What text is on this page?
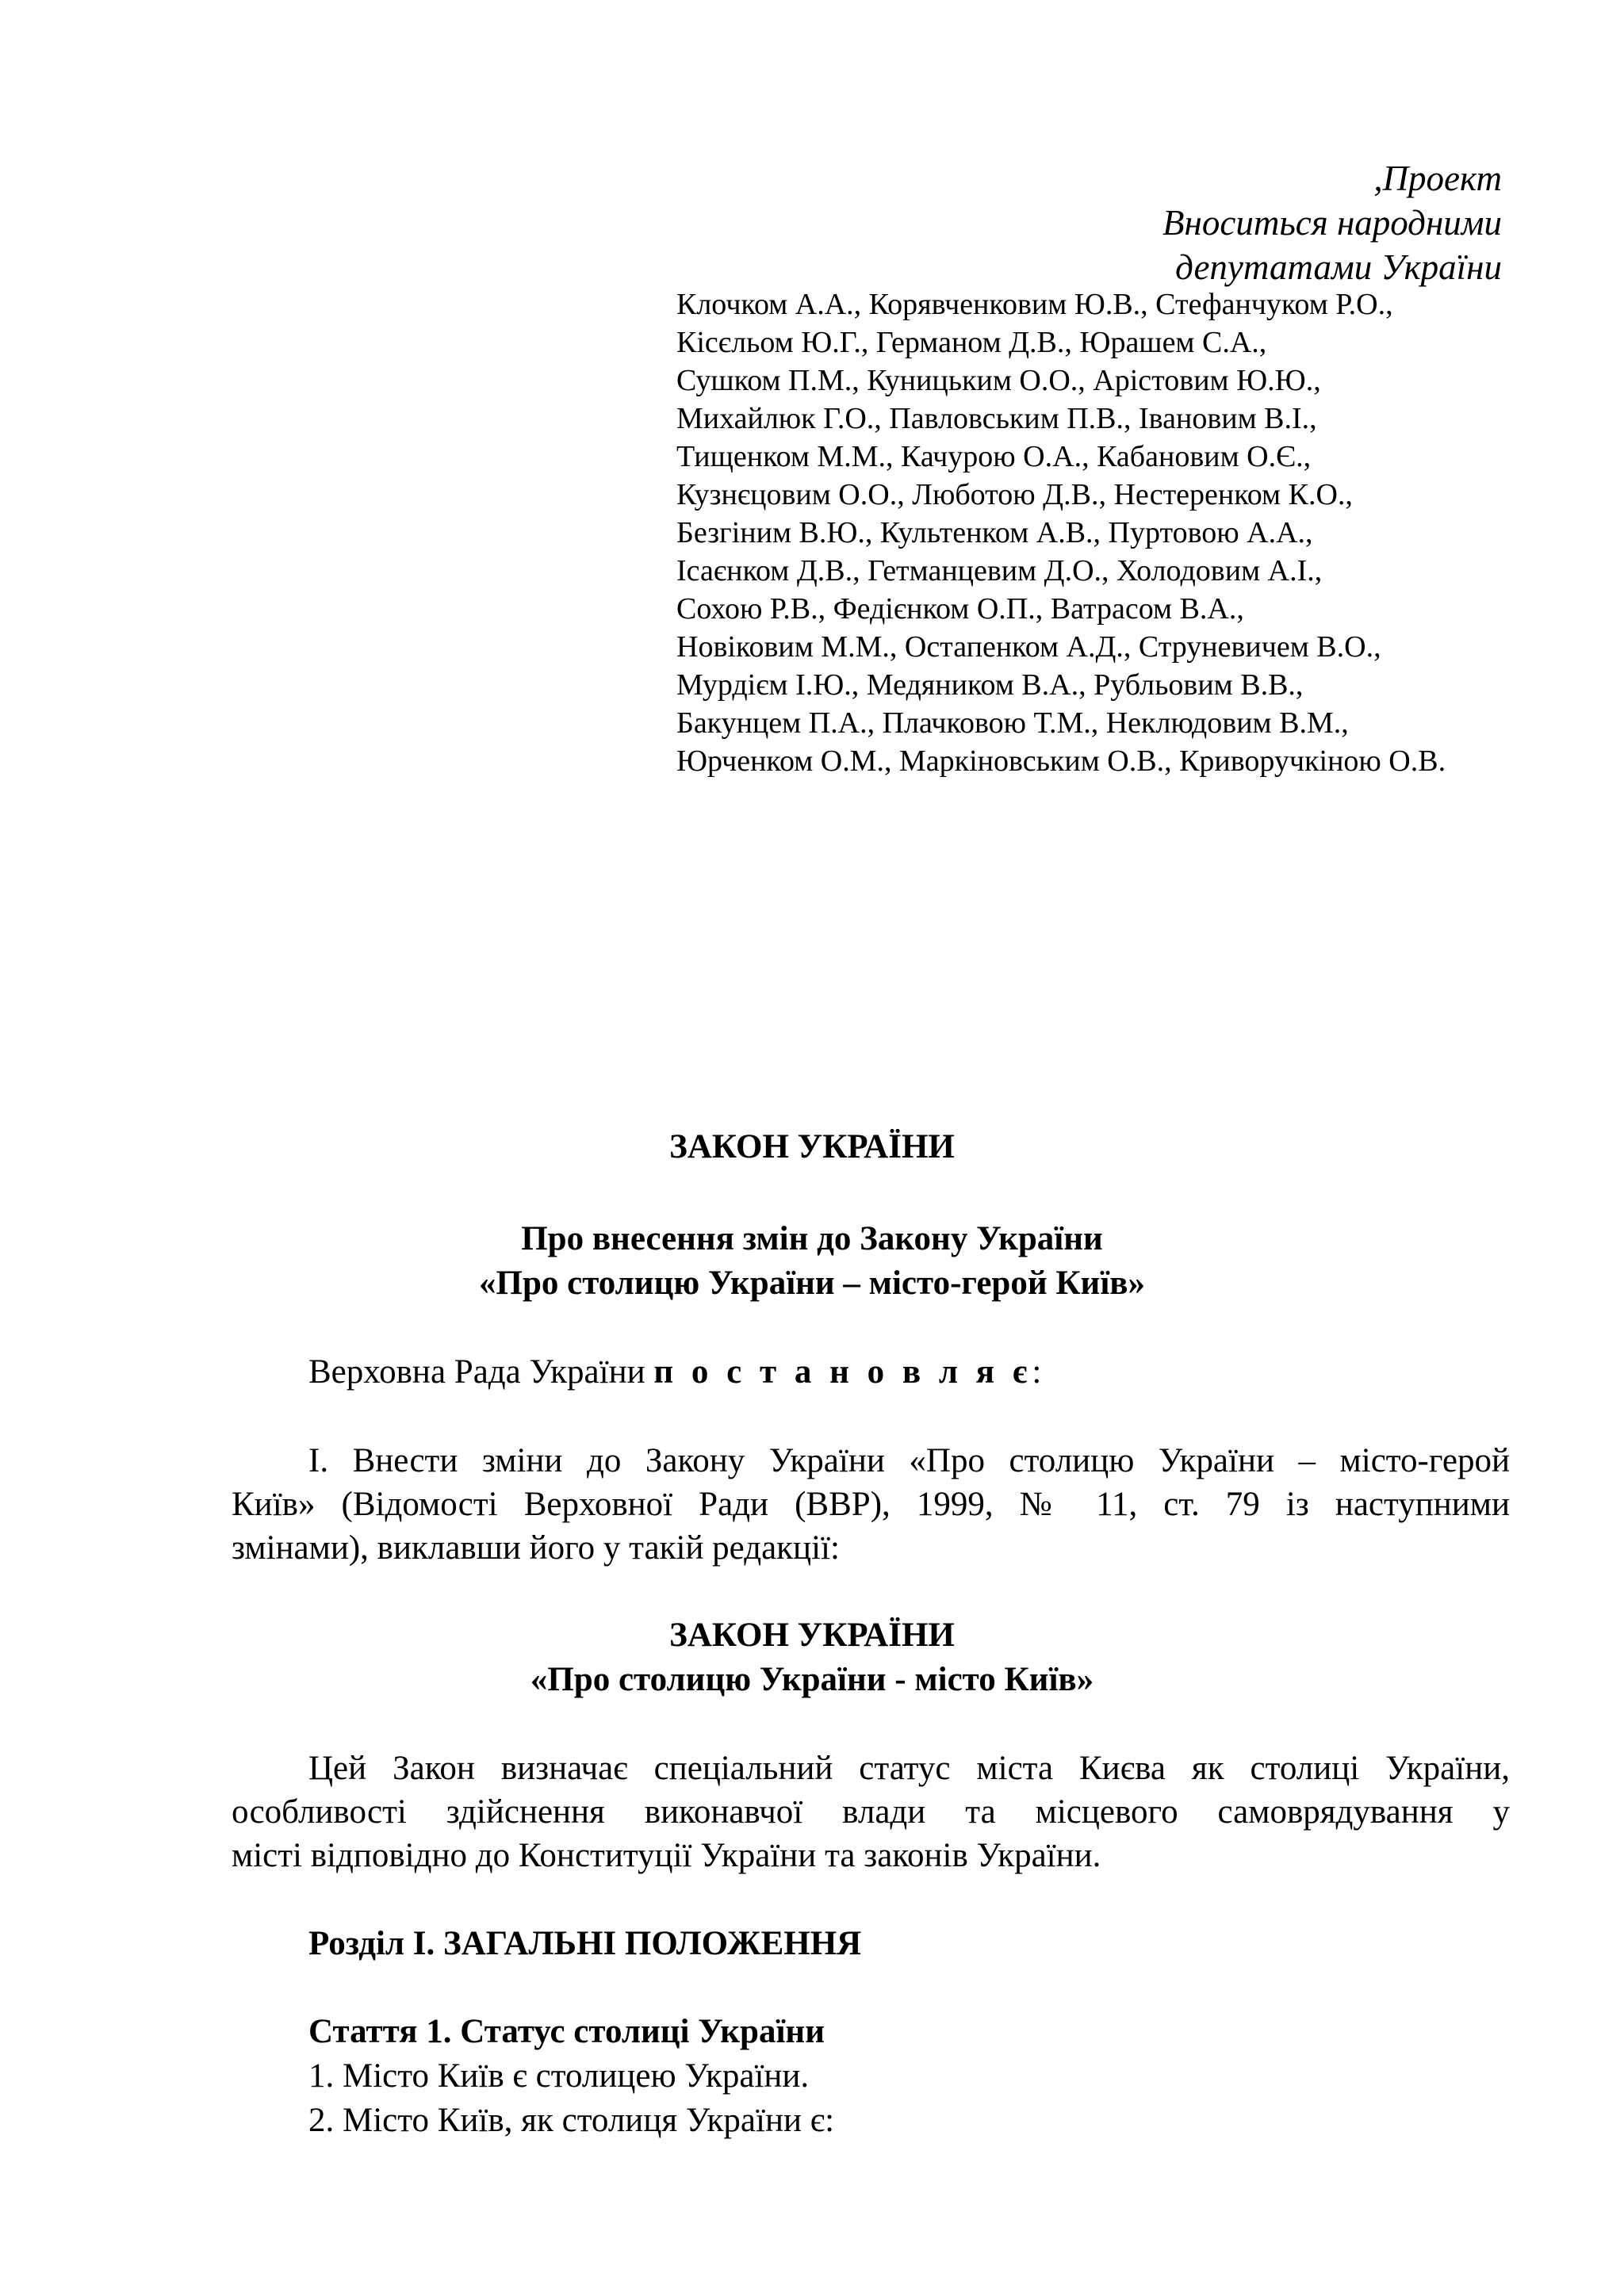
,Проект
Вноситься народними
депутатами України
Клочком А.А., Корявченковим Ю.В., Стефанчуком Р.О.,
Кісєльом Ю.Г., Германом Д.В., Юрашем С.А.,
Сушком П.М., Куницьким О.О., Арістовим Ю.Ю.,
Михайлюк Г.О., Павловським П.В., Івановим В.І.,
Тищенком М.М., Качурою О.А., Кабановим О.Є.,
Кузнєцовим О.О., Люботою Д.В., Нестеренком К.О.,
Безгіним В.Ю., Культенком А.В., Пуртовою А.А.,
Ісаєнком Д.В., Гетманцевим Д.О., Холодовим А.І.,
Сохою Р.В., Федієнком О.П., Ватрасом В.А.,
Новіковим М.М., Остапенком А.Д., Струневичем В.О.,
Мурдієм І.Ю., Медяником В.А., Рубльовим В.В.,
Бакунцем П.А., Плачковою Т.М., Неклюдовим В.М.,
Юрченком О.М., Маркіновським О.В., Криворучкіною О.В.
ЗАКОН УКРАЇНИ
Про внесення змін до Закону України
«Про столицю України – місто-герой Київ»
Верховна Рада України п о с т а н о в л я є:
І. Внести зміни до Закону України «Про столицю України – місто-герой
Київ» (Відомості Верховної Ради (ВВР), 1999, № 11, ст. 79 із наступними
змінами), виклавши його у такій редакції:
ЗАКОН УКРАЇНИ
«Про столицю України - місто Київ»
Цей Закон визначає спеціальний статус міста Києва як столиці України,
особливості здійснення виконавчої влади та місцевого самоврядування у
місті відповідно до Конституції України та законів України.
Розділ І. ЗАГАЛЬНІ ПОЛОЖЕННЯ
Стаття 1. Статус столиці України
1. Місто Київ є столицею України.
2. Місто Київ, як столиця України є:
